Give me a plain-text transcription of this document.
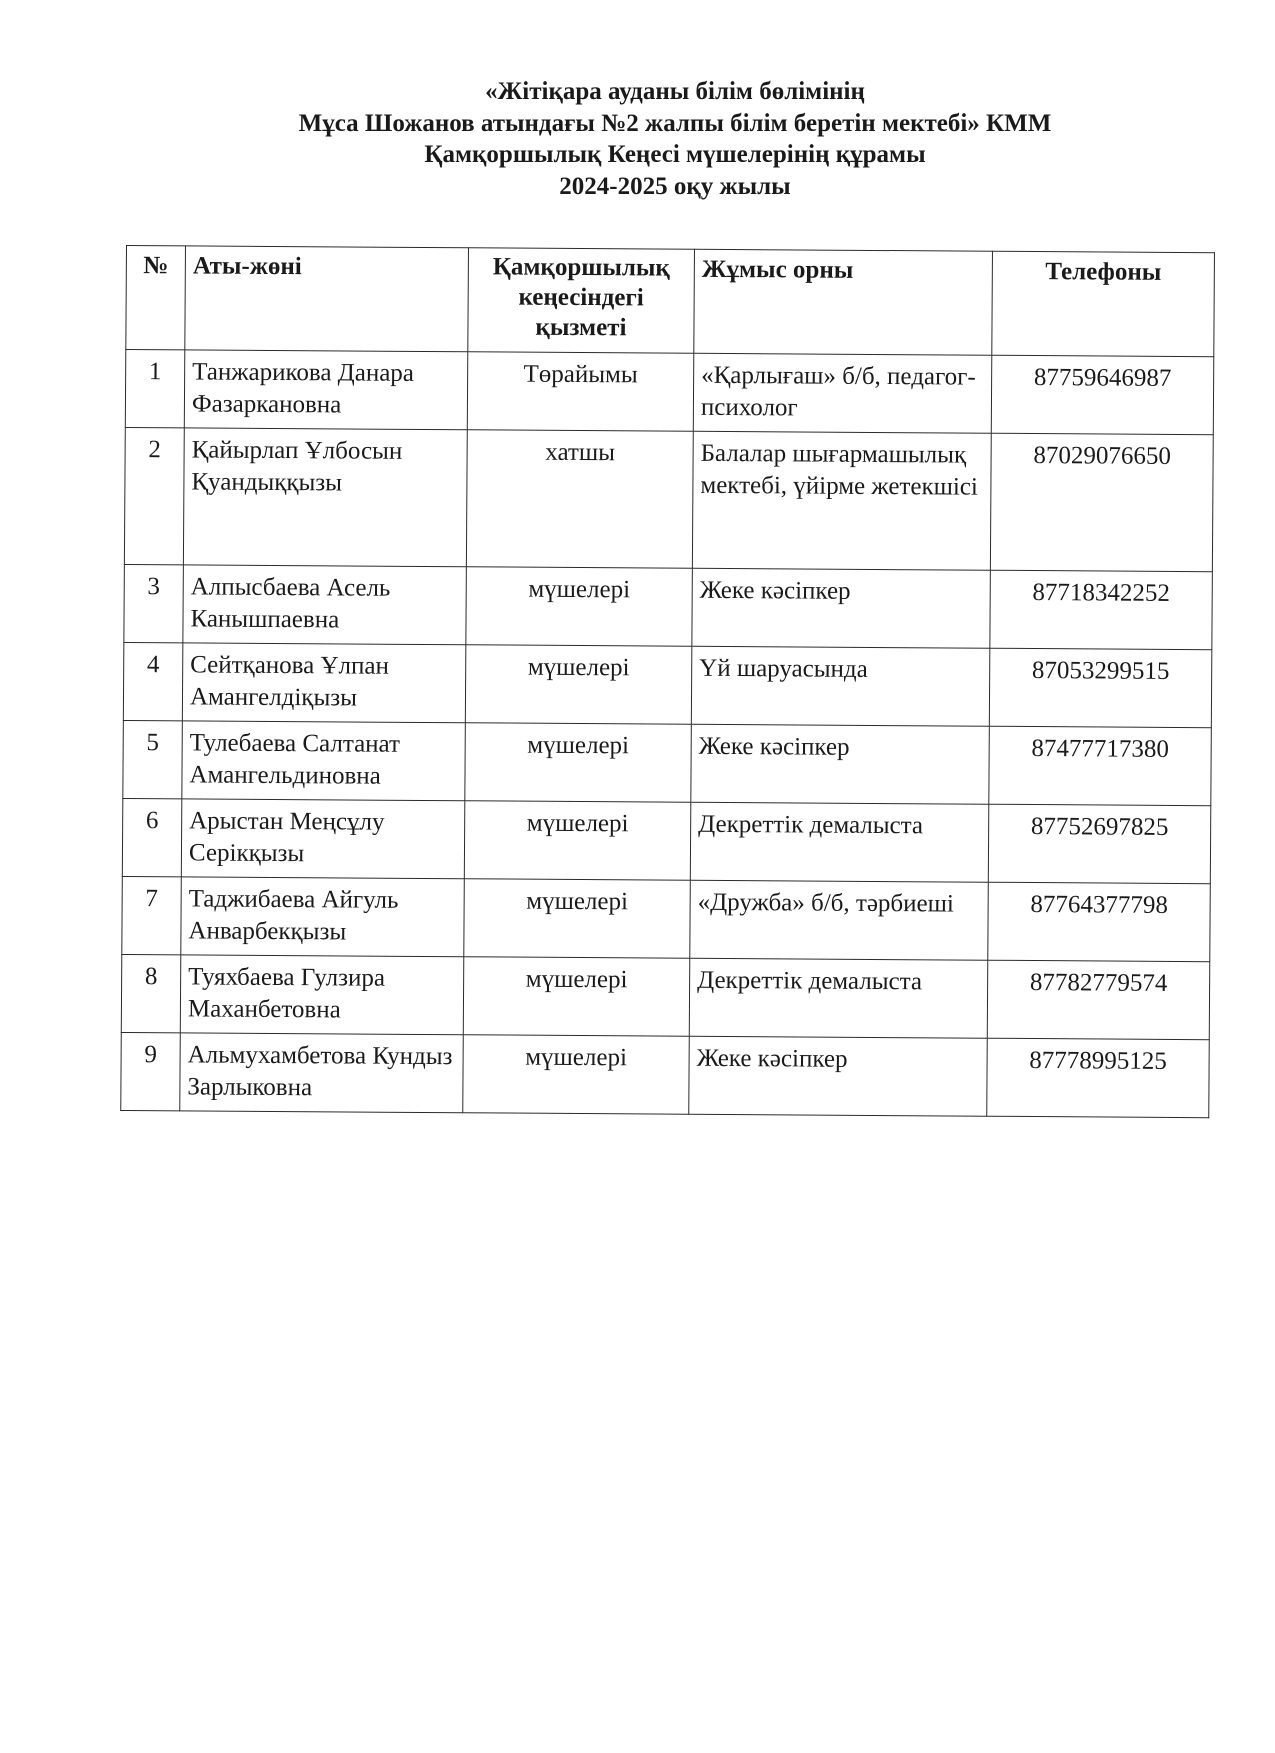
«Жітіқара ауданы білім бөлімінің
Мұса Шожанов атындағы №2 жалпы білім беретін мектебі» КММ
Қамқоршылық Кеңесі мүшелерінің құрамы
2024-2025 оқу жылы
№	Аты-жөні	Қамқоршылық кеңесіндегі қызметі	Жұмыс орны	Телефоны
1	Танжарикова Данара Фазаркановна	Төрайымы	«Қарлығаш» б/б, педагог-психолог	87759646987
2	Қайырлап Ұлбосын Қуандыққызы	хатшы	Балалар шығармашылық мектебі, үйірме жетекшісі	87029076650
3	Алпысбаева Асель Канышпаевна	мүшелері	Жеке кәсіпкер	87718342252
4	Сейтқанова Ұлпан Амангелдіқызы	мүшелері	Үй шаруасында	87053299515
5	Тулебаева Салтанат Амангельдиновна	мүшелері	Жеке кәсіпкер	87477717380
6	Арыстан Меңсұлу Серікқызы	мүшелері	Декреттік демалыста	87752697825
7	Таджибаева Айгуль Анварбекқызы	мүшелері	«Дружба» б/б, тәрбиеші	87764377798
8	Туяхбаева Гулзира Маханбетовна	мүшелері	Декреттік демалыста	87782779574
9	Альмухамбетова Кундыз Зарлыковна	мүшелері	Жеке кәсіпкер	87778995125
